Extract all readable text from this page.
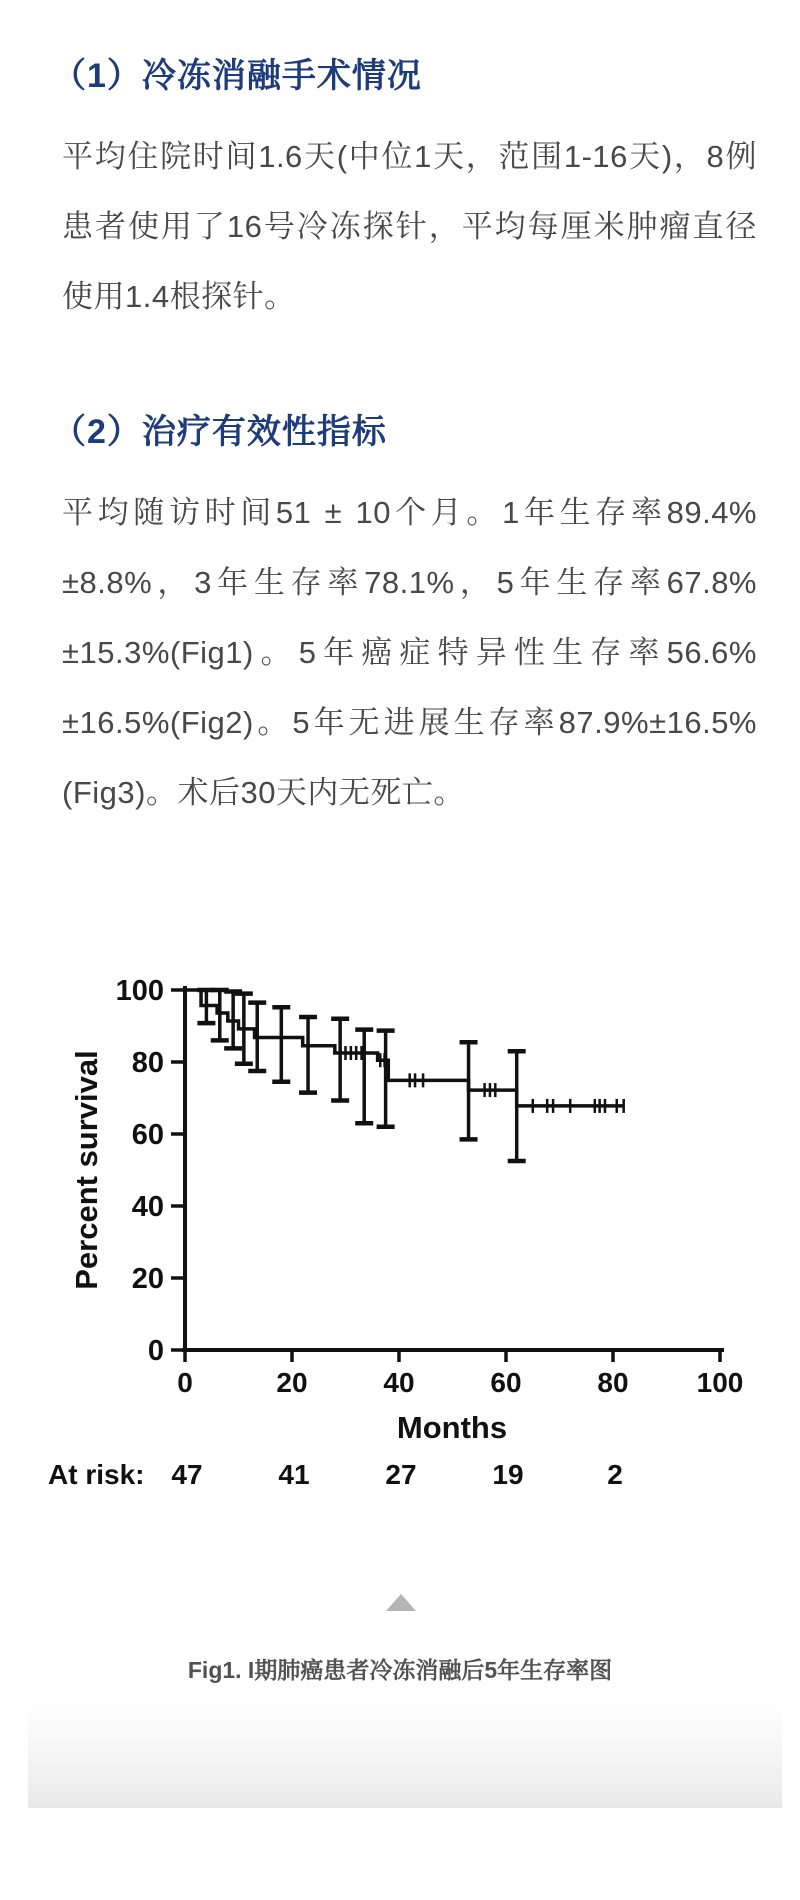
（1）冷冻消融手术情况

平均住院时间1.6天(中位1天，范围1-16天)，8例患者使用了16号冷冻探针，平均每厘米肿瘤直径使用1.4根探针。

（2）治疗有效性指标

平均随访时间51 ± 10个月。1年生存率89.4%±8.8%，3年生存率78.1%，5年生存率67.8%±15.3%(Fig1)。5年癌症特异性生存率56.6%±16.5%(Fig2)。5年无进展生存率87.9%±16.5%(Fig3)。术后30天内无死亡。

0
20
40
60
80
100
0	20	40	60	80 100
Percent survival
Months
At risk: 47	41	27	19	2

Fig1. I期肺癌患者冷冻消融后5年生存率图
